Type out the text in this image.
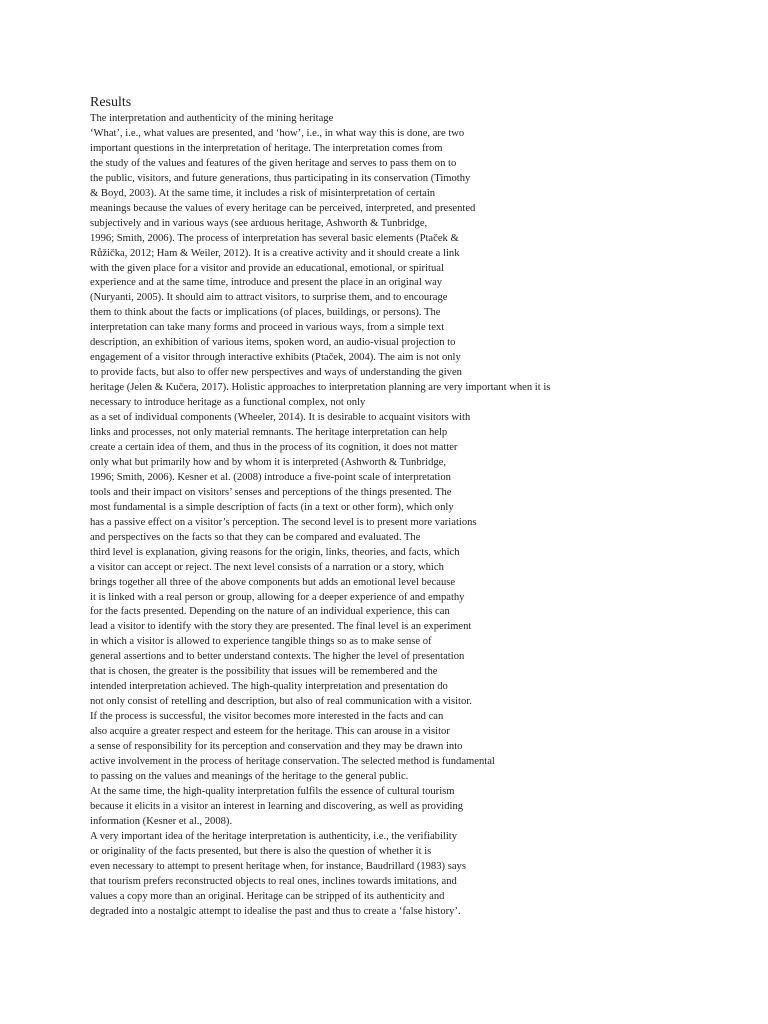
Results
The interpretation and authenticity of the mining heritage
‘What’, i.e., what values are presented, and ‘how’, i.e., in what way this is done, are two
important questions in the interpretation of heritage. The interpretation comes from
the study of the values and features of the given heritage and serves to pass them on to
the public, visitors, and future generations, thus participating in its conservation (Timothy
& Boyd, 2003). At the same time, it includes a risk of misinterpretation of certain
meanings because the values of every heritage can be perceived, interpreted, and presented
subjectively and in various ways (see arduous heritage, Ashworth & Tunbridge,
1996; Smith, 2006). The process of interpretation has several basic elements (Ptaček &
Růžička, 2012; Ham & Weiler, 2012). It is a creative activity and it should create a link
with the given place for a visitor and provide an educational, emotional, or spiritual
experience and at the same time, introduce and present the place in an original way
(Nuryanti, 2005). It should aim to attract visitors, to surprise them, and to encourage
them to think about the facts or implications (of places, buildings, or persons). The
interpretation can take many forms and proceed in various ways, from a simple text
description, an exhibition of various items, spoken word, an audio-visual projection to
engagement of a visitor through interactive exhibits (Ptaček, 2004). The aim is not only
to provide facts, but also to offer new perspectives and ways of understanding the given
heritage (Jelen & Kučera, 2017). Holistic approaches to interpretation planning are very important when it is
necessary to introduce heritage as a functional complex, not only
as a set of individual components (Wheeler, 2014). It is desirable to acquaint visitors with
links and processes, not only material remnants. The heritage interpretation can help
create a certain idea of them, and thus in the process of its cognition, it does not matter
only what but primarily how and by whom it is interpreted (Ashworth & Tunbridge,
1996; Smith, 2006). Kesner et al. (2008) introduce a five-point scale of interpretation
tools and their impact on visitors’ senses and perceptions of the things presented. The
most fundamental is a simple description of facts (in a text or other form), which only
has a passive effect on a visitor’s perception. The second level is to present more variations
and perspectives on the facts so that they can be compared and evaluated. The
third level is explanation, giving reasons for the origin, links, theories, and facts, which
a visitor can accept or reject. The next level consists of a narration or a story, which
brings together all three of the above components but adds an emotional level because
it is linked with a real person or group, allowing for a deeper experience of and empathy
for the facts presented. Depending on the nature of an individual experience, this can
lead a visitor to identify with the story they are presented. The final level is an experiment
in which a visitor is allowed to experience tangible things so as to make sense of
general assertions and to better understand contexts. The higher the level of presentation
that is chosen, the greater is the possibility that issues will be remembered and the
intended interpretation achieved. The high-quality interpretation and presentation do
not only consist of retelling and description, but also of real communication with a visitor.
If the process is successful, the visitor becomes more interested in the facts and can
also acquire a greater respect and esteem for the heritage. This can arouse in a visitor
a sense of responsibility for its perception and conservation and they may be drawn into
active involvement in the process of heritage conservation. The selected method is fundamental
to passing on the values and meanings of the heritage to the general public.
At the same time, the high-quality interpretation fulfils the essence of cultural tourism
because it elicits in a visitor an interest in learning and discovering, as well as providing
information (Kesner et al., 2008).
A very important idea of the heritage interpretation is authenticity, i.e., the verifiability
or originality of the facts presented, but there is also the question of whether it is
even necessary to attempt to present heritage when, for instance, Baudrillard (1983) says
that tourism prefers reconstructed objects to real ones, inclines towards imitations, and
values a copy more than an original. Heritage can be stripped of its authenticity and
degraded into a nostalgic attempt to idealise the past and thus to create a ‘false history’.
